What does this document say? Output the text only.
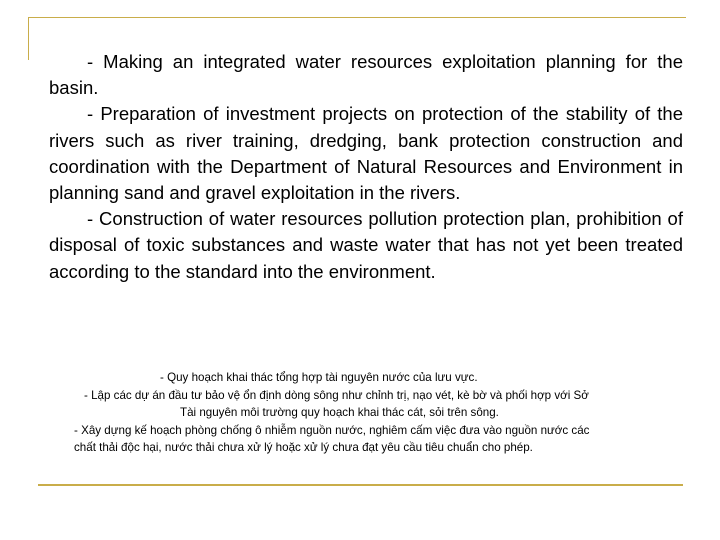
- Making an integrated water resources exploitation planning for the basin.

- Preparation of investment projects on protection of the stability of the rivers such as river training, dredging, bank protection construction and coordination with the Department of Natural Resources and Environment in planning sand and gravel exploitation in the rivers.

- Construction of water resources pollution protection plan, prohibition of disposal of toxic substances and waste water that has not yet been treated according to the standard into the environment.

- Quy hoạch khai thác tổng hợp tài nguyên nước của lưu vực.

- Lập các dự án đầu tư bảo vệ ổn định dòng sông như chỉnh trị, nạo vét, kè bờ và phối hợp với Sở

Tài nguyên môi trường quy hoạch khai thác cát, sỏi trên sông.

- Xây dựng kế hoạch phòng chống ô nhiễm nguồn nước, nghiêm cấm việc đưa vào nguồn nước các

chất thải độc hại, nước thải chưa xử lý hoặc xử lý chưa đạt yêu cầu tiêu chuẩn cho phép.
